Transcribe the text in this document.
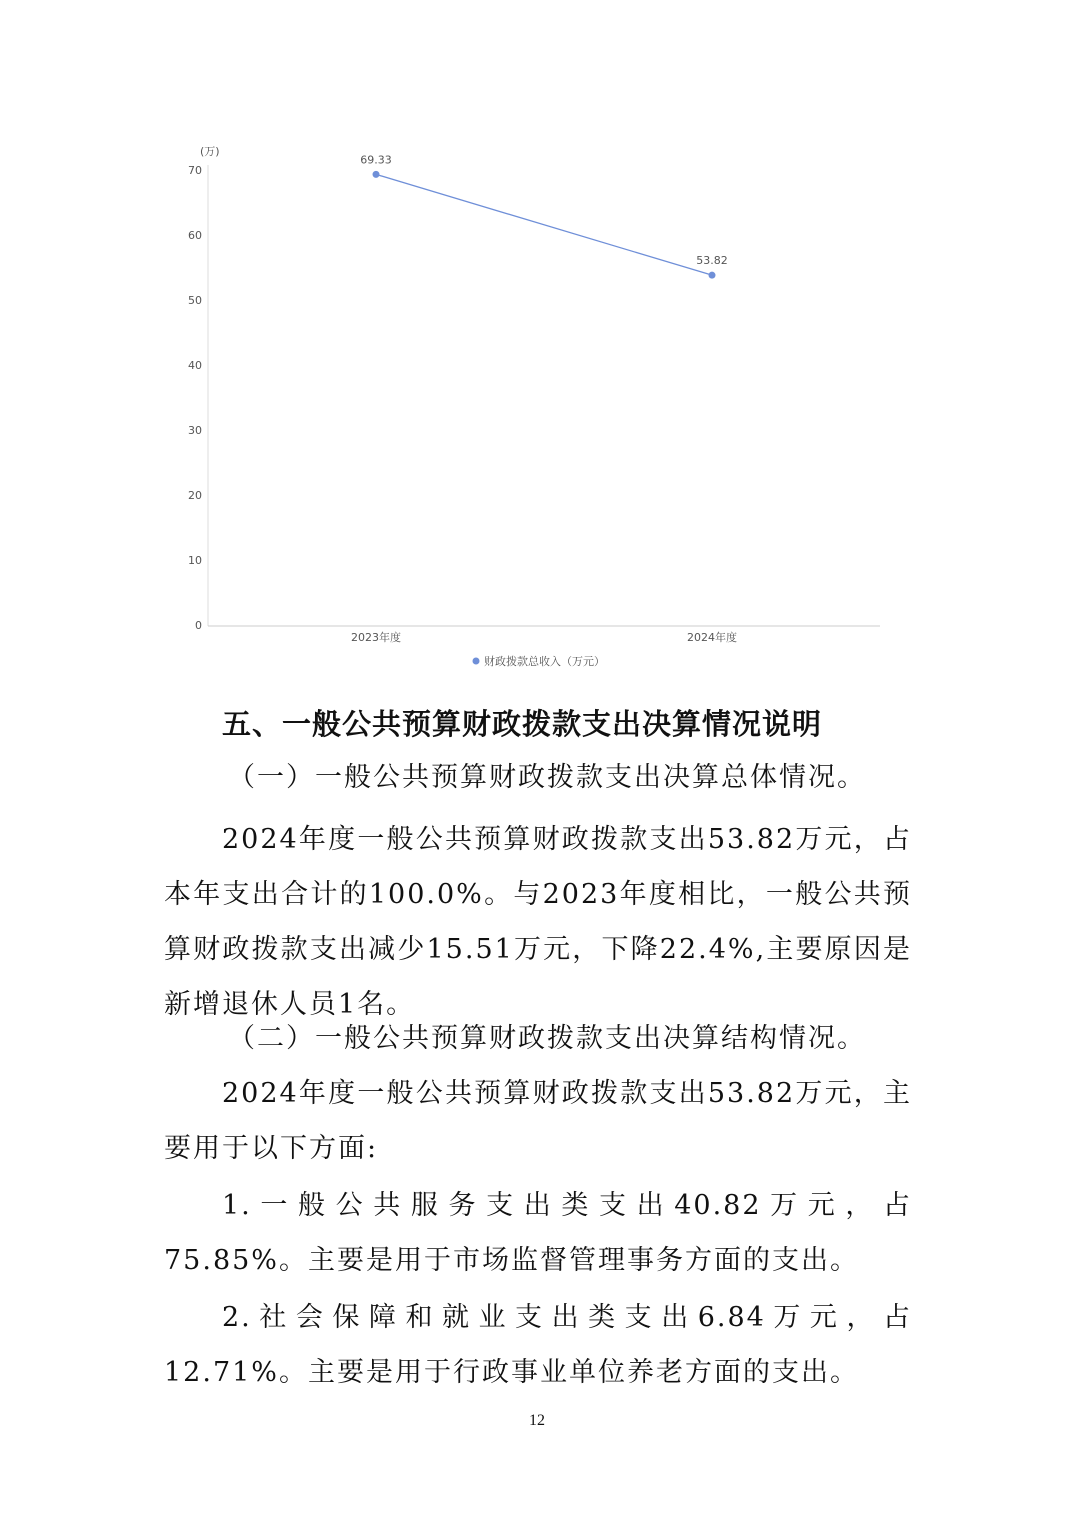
(万)
0
10
20
30
40
50
60
70
2023年度	2024年度
69.33
53.82
财政拨款总收入（万元）
五、一般公共预算财政拨款支出决算情况说明
（一）一般公共预算财政拨款支出决算总体情况。

2024年度一般公共预算财政拨款支出53.82万元，占本年支出合计的100.0%。与2023年度相比，一般公共预算财政拨款支出减少15.51万元，下降22.4%,主要原因是新增退休人员1名。

（二）一般公共预算财政拨款支出决算结构情况。

2024年度一般公共预算财政拨款支出53.82万元，主要用于以下方面:

1.一般公共服务支出类支出40.82万元，占75.85%。主要是用于市场监督管理事务方面的支出。

2.社会保障和就业支出类支出6.84万元，占12.71%。主要是用于行政事业单位养老方面的支出。

12
